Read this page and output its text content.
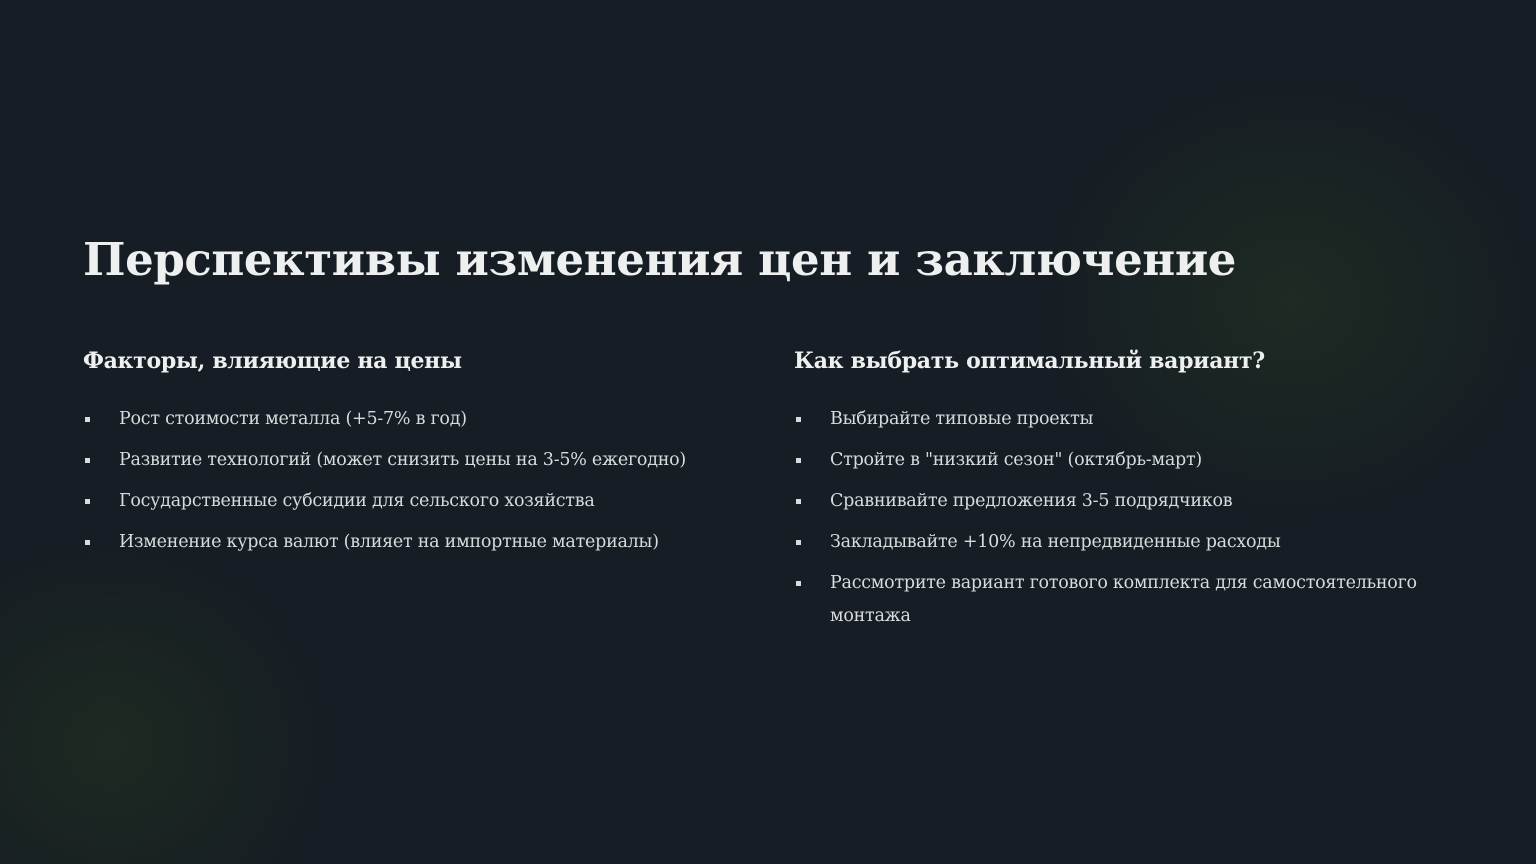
Перспективы изменения цен и заключение
Факторы, влияющие на цены
Рост стоимости металла (+5-7% в год)
Развитие технологий (может снизить цены на 3-5% ежегодно)
Государственные субсидии для сельского хозяйства
Изменение курса валют (влияет на импортные материалы)
Как выбрать оптимальный вариант?
Выбирайте типовые проекты
Стройте в "низкий сезон" (октябрь-март)
Сравнивайте предложения 3-5 подрядчиков
Закладывайте +10% на непредвиденные расходы
Рассмотрите вариант готового комплекта для самостоятельного монтажа
